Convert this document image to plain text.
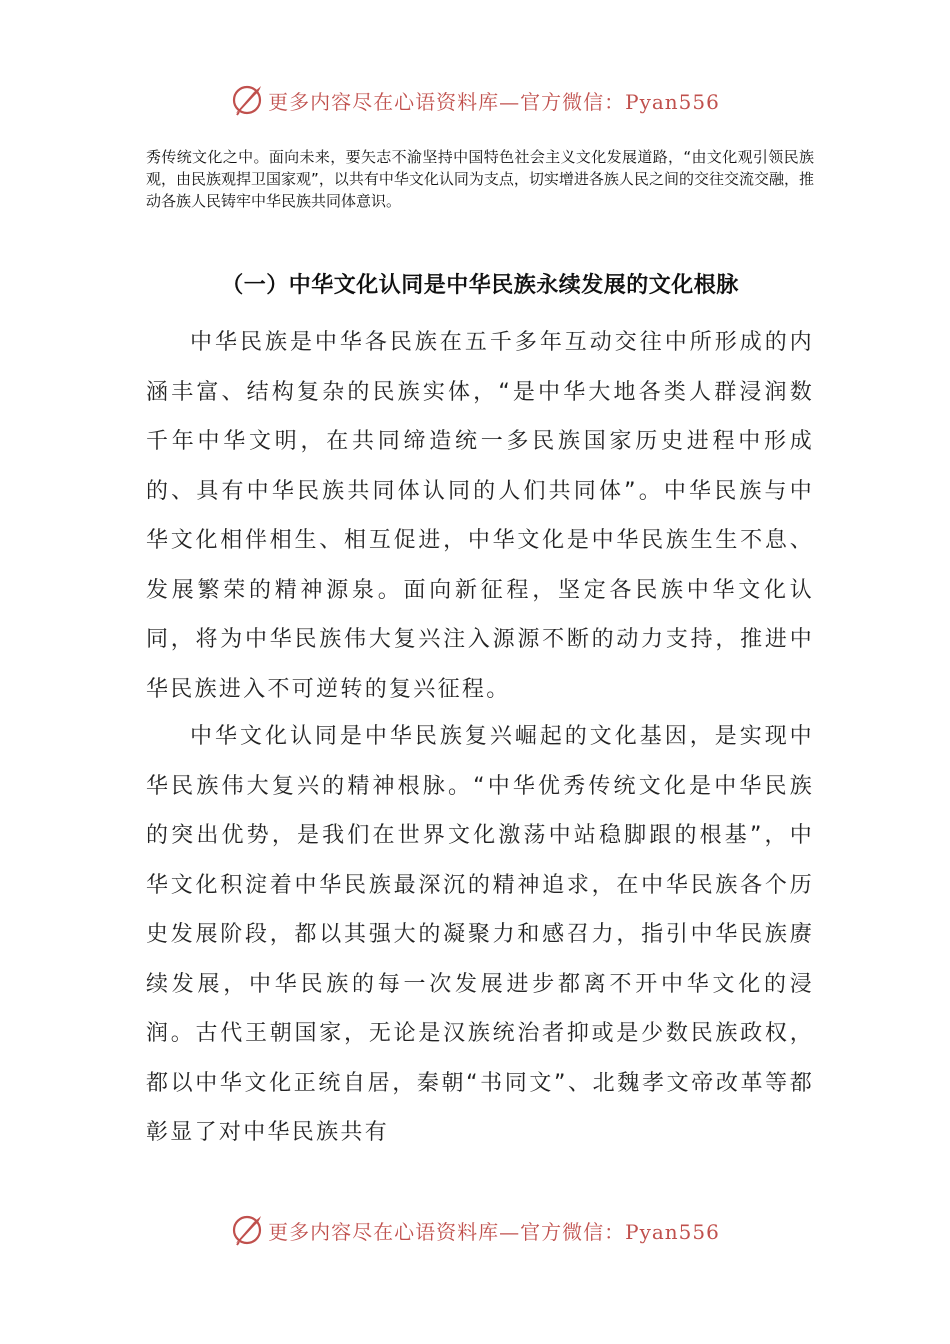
更多内容尽在心语资料库—官方微信：Pyan556

秀传统文化之中。面向未来，要矢志不渝坚持中国特色社会主义文化发展道路，“由文化观引领民族观，由民族观捍卫国家观”，以共有中华文化认同为支点，切实增进各族人民之间的交往交流交融，推动各族人民铸牢中华民族共同体意识。

（一）中华文化认同是中华民族永续发展的文化根脉

中华民族是中华各民族在五千多年互动交往中所形成的内涵丰富、结构复杂的民族实体，“是中华大地各类人群浸润数千年中华文明，在共同缔造统一多民族国家历史进程中形成的、具有中华民族共同体认同的人们共同体”。中华民族与中华文化相伴相生、相互促进，中华文化是中华民族生生不息、发展繁荣的精神源泉。面向新征程，坚定各民族中华文化认同，将为中华民族伟大复兴注入源源不断的动力支持，推进中华民族进入不可逆转的复兴征程。

中华文化认同是中华民族复兴崛起的文化基因，是实现中华民族伟大复兴的精神根脉。“中华优秀传统文化是中华民族的突出优势，是我们在世界文化激荡中站稳脚跟的根基”，中华文化积淀着中华民族最深沉的精神追求，在中华民族各个历史发展阶段，都以其强大的凝聚力和感召力，指引中华民族赓续发展，中华民族的每一次发展进步都离不开中华文化的浸润。古代王朝国家，无论是汉族统治者抑或是少数民族政权，都以中华文化正统自居，秦朝“书同文”、北魏孝文帝改革等都彰显了对中华民族共有

更多内容尽在心语资料库—官方微信：Pyan556
